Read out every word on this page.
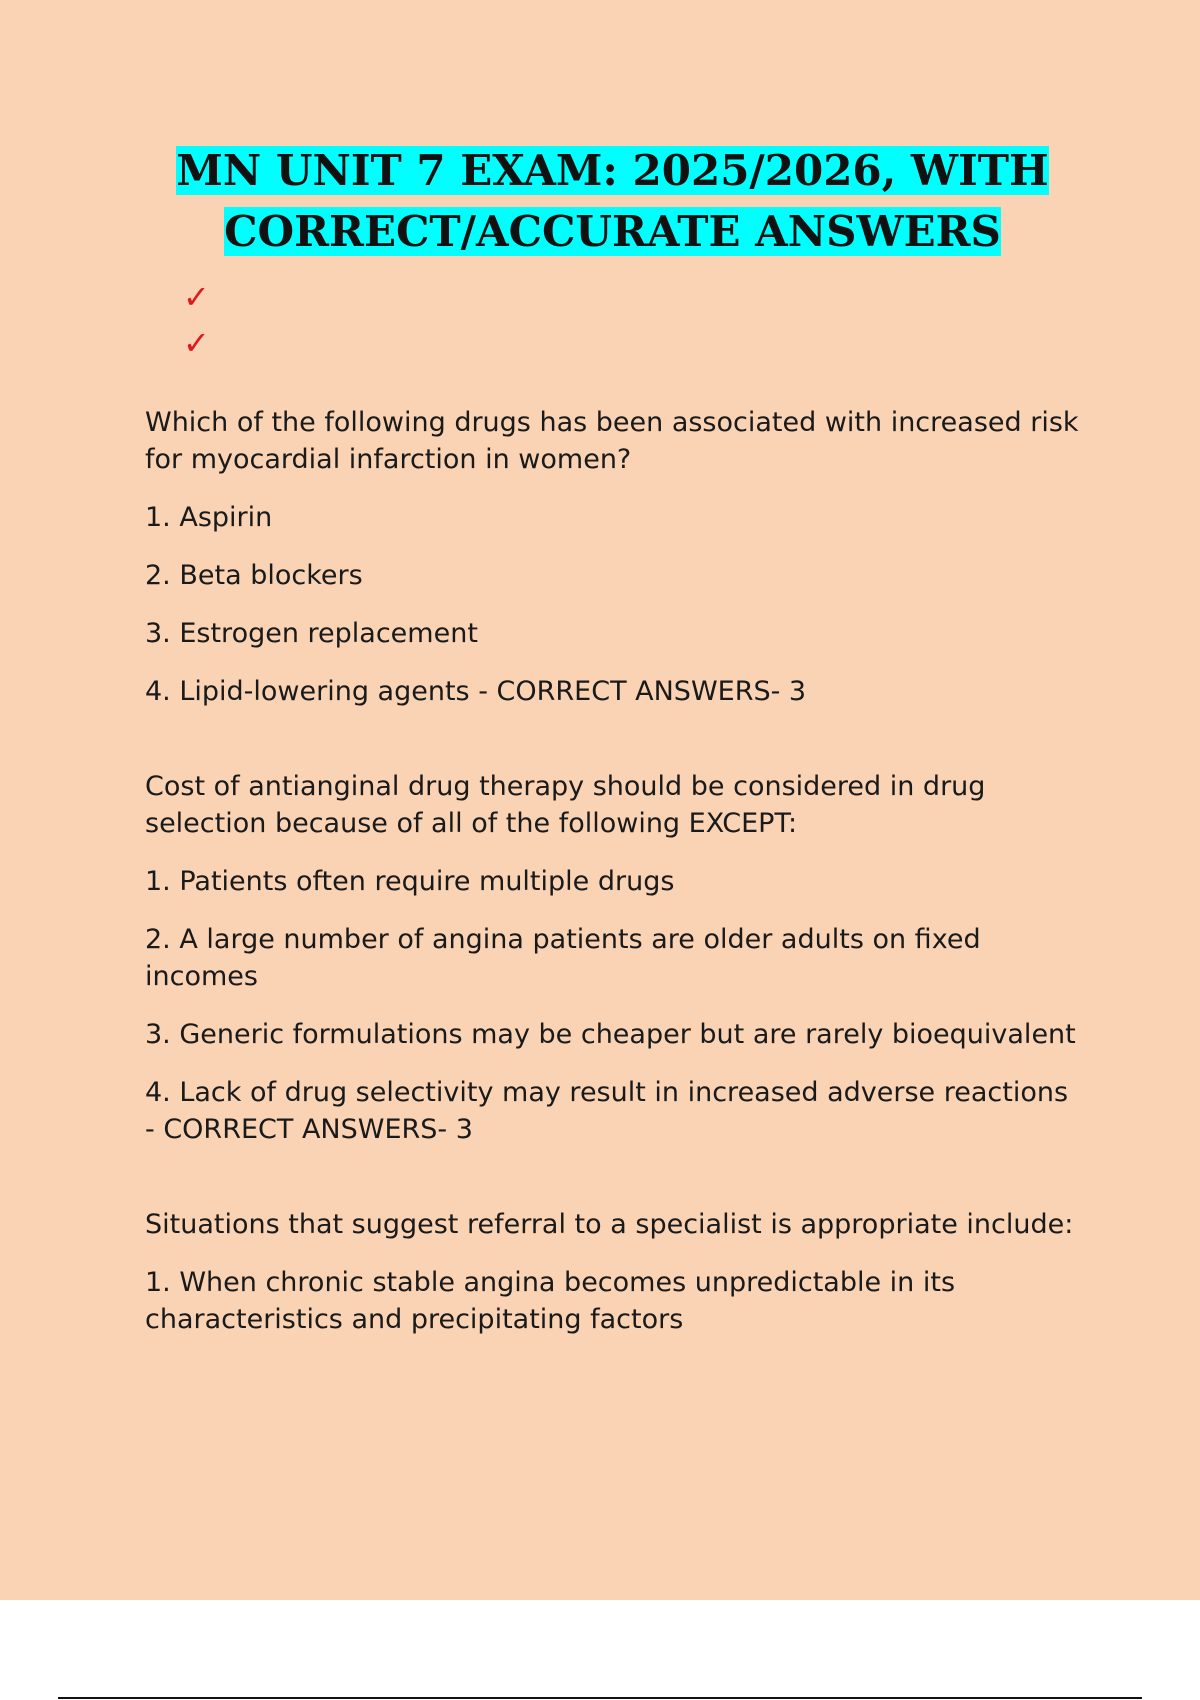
MN UNIT 7 EXAM: 2025/2026, WITH
CORRECT/ACCURATE ANSWERS
✓
✓

Which of the following drugs has been associated with increased risk for myocardial infarction in women?

1. Aspirin

2. Beta blockers

3. Estrogen replacement

4. Lipid-lowering agents - CORRECT ANSWERS- 3

Cost of antianginal drug therapy should be considered in drug selection because of all of the following EXCEPT:

1. Patients often require multiple drugs

2. A large number of angina patients are older adults on fixed incomes

3. Generic formulations may be cheaper but are rarely bioequivalent

4. Lack of drug selectivity may result in increased adverse reactions - CORRECT ANSWERS- 3

Situations that suggest referral to a specialist is appropriate include:

1. When chronic stable angina becomes unpredictable in its characteristics and precipitating factors
